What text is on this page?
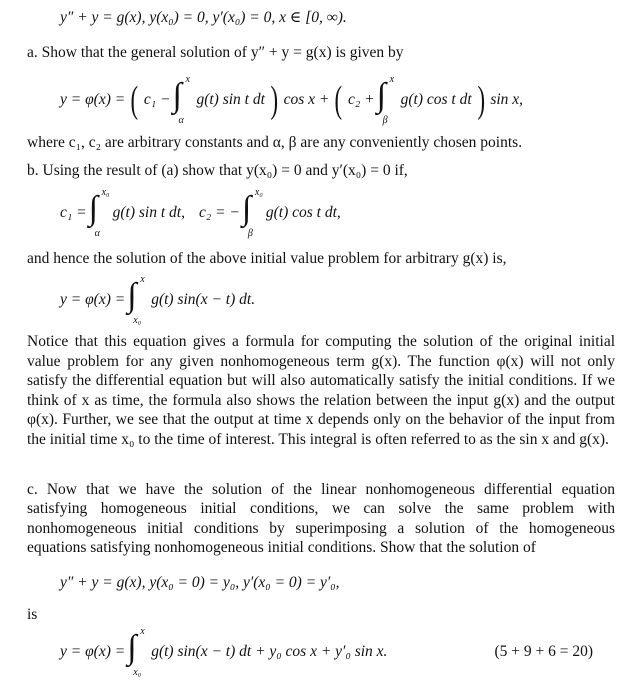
y″ + y = g(x), y(x₀) = 0, y′(x₀) = 0, x ∈ [0, ∞).
a. Show that the general solution of y″ + y = g(x) is given by
y = φ(x) = ( c₁ − ∫ x
α
g(t) sin t dt ) cos x + ( c₂ + ∫ x
β
g(t) cos t dt ) sin x,
where c₁, c₂ are arbitrary constants and α, β are any conveniently chosen points.
b. Using the result of (a) show that y(x₀) = 0 and y′(x₀) = 0 if,
c₁ = ∫ x₀
α
g(t) sin t dt, c₂ = − ∫ x₀
β
g(t) cos t dt,
and hence the solution of the above initial value problem for arbitrary g(x) is,
y = φ(x) = ∫ x
x₀
g(t) sin(x − t) dt.
Notice that this equation gives a formula for computing the solution of the original initial value problem for any given nonhomogeneous term g(x). The function φ(x) will not only satisfy the differential equation but will also automatically satisfy the initial conditions. If we think of x as time, the formula also shows the relation between the input g(x) and the output φ(x). Further, we see that the output at time x depends only on the behavior of the input from the initial time x₀ to the time of interest. This integral is often referred to as the sin x and g(x).
c. Now that we have the solution of the linear nonhomogeneous differential equation satisfying homogeneous initial conditions, we can solve the same problem with nonhomogeneous initial conditions by superimposing a solution of the homogeneous equations satisfying nonhomogeneous initial conditions. Show that the solution of
y″ + y = g(x), y(x₀ = 0) = y₀, y′(x₀ = 0) = y′₀,
is
y = φ(x) = ∫ x
x₀
g(t) sin(x − t) dt + y₀ cos x + y′₀ sin x.	(5 + 9 + 6 = 20)
